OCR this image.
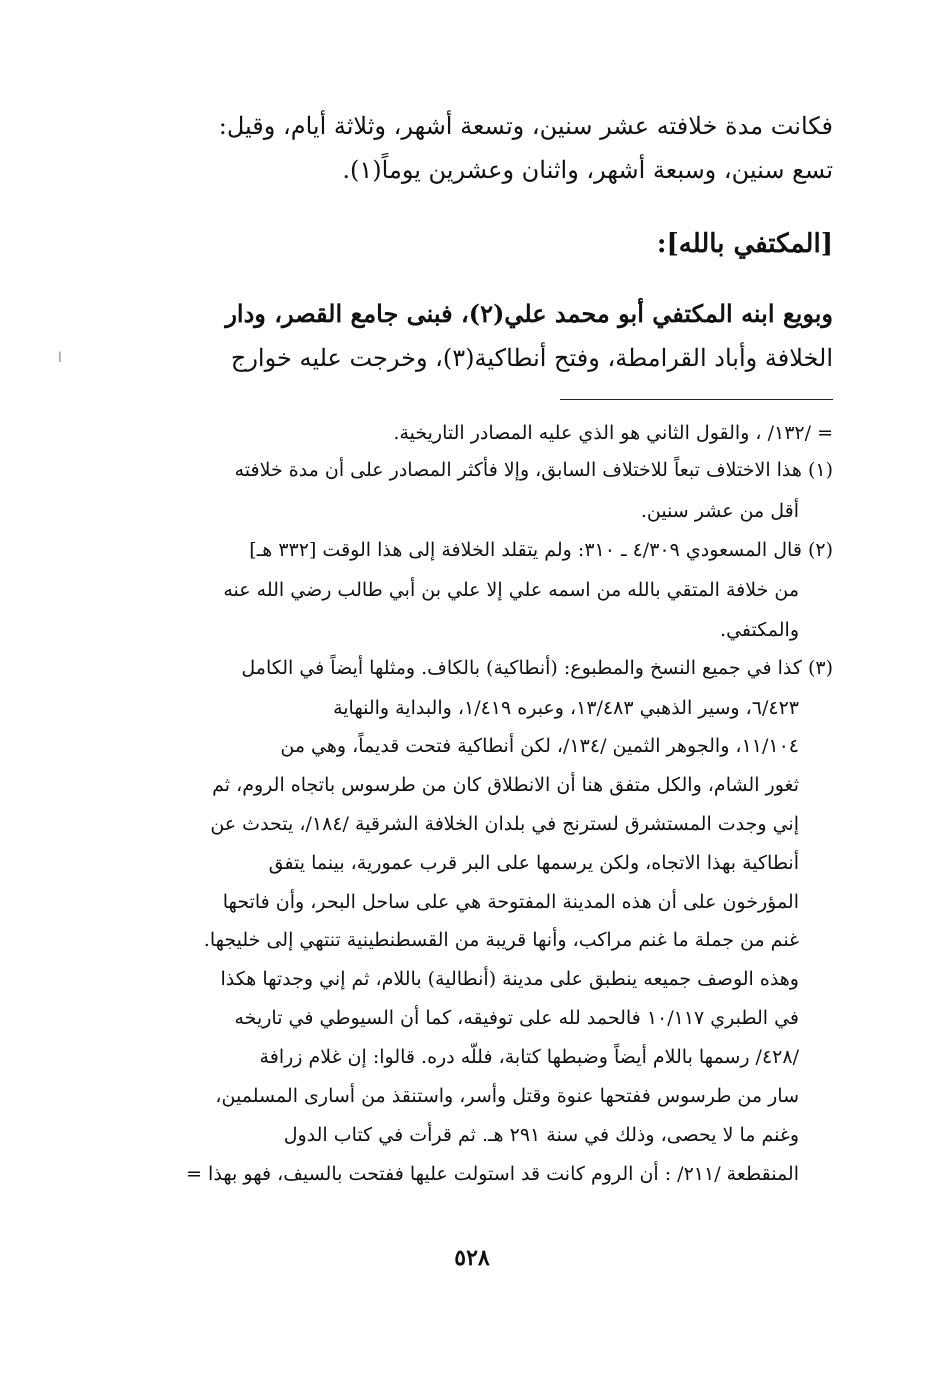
فكانت مدة خلافته عشر سنين، وتسعة أشهر، وثلاثة أيام، وقيل:
تسع سنين، وسبعة أشهر، واثنان وعشرين يوماً(١).
[المكتفي بالله]:
وبويع ابنه المكتفي أبو محمد علي(٢)، فبنى جامع القصر، ودار
الخلافة وأباد القرامطة، وفتح أنطاكية(٣)، وخرجت عليه خوارج
ا
= /١٣٢/ ، والقول الثاني هو الذي عليه المصادر التاريخية.
(١) هذا الاختلاف تبعاً للاختلاف السابق، وإلا فأكثر المصادر على أن مدة خلافته
أقل من عشر سنين.
(٢) قال المسعودي ٤/٣٠٩ ـ ٣١٠: ولم يتقلد الخلافة إلى هذا الوقت [٣٣٢ هـ]
من خلافة المتقي بالله من اسمه علي إلا علي بن أبي طالب رضي الله عنه
والمكتفي.
(٣) كذا في جميع النسخ والمطبوع: (أنطاكية) بالكاف. ومثلها أيضاً في الكامل
٦/٤٢٣، وسير الذهبي ١٣/٤٨٣، وعبره ١/٤١٩، والبداية والنهاية
١١/١٠٤، والجوهر الثمين /١٣٤/، لكن أنطاكية فتحت قديماً، وهي من
ثغور الشام، والكل متفق هنا أن الانطلاق كان من طرسوس باتجاه الروم، ثم
إني وجدت المستشرق لسترنج في بلدان الخلافة الشرقية /١٨٤/، يتحدث عن
أنطاكية بهذا الاتجاه، ولكن يرسمها على البر قرب عمورية، بينما يتفق
المؤرخون على أن هذه المدينة المفتوحة هي على ساحل البحر، وأن فاتحها
غنم من جملة ما غنم مراكب، وأنها قريبة من القسطنطينية تنتهي إلى خليجها.
وهذه الوصف جميعه ينطبق على مدينة (أنطالية) باللام، ثم إني وجدتها هكذا
في الطبري ١٠/١١٧ فالحمد لله على توفيقه، كما أن السيوطي في تاريخه
/٤٢٨/ رسمها باللام أيضاً وضبطها كتابة، فللّه دره. قالوا: إن غلام زرافة
سار من طرسوس ففتحها عنوة وقتل وأسر، واستنقذ من أسارى المسلمين،
وغنم ما لا يحصى، وذلك في سنة ٢٩١ هـ. ثم قرأت في كتاب الدول
المنقطعة /٢١١/ : أن الروم كانت قد استولت عليها ففتحت بالسيف، فهو بهذا =
٥٢٨
